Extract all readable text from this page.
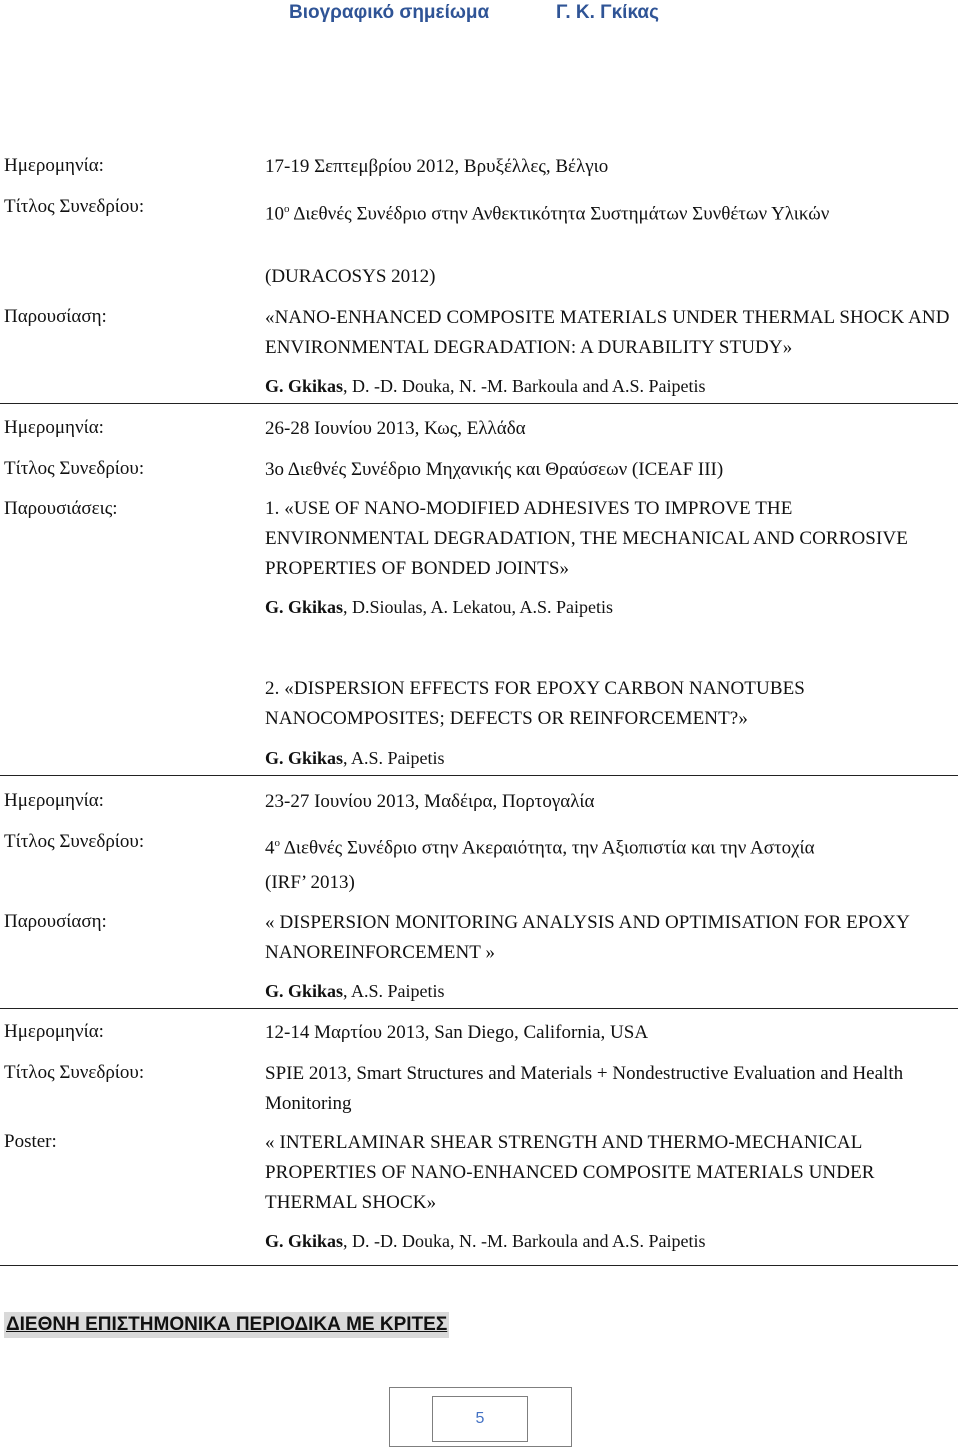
Βιογραφικό σημείωμα	Γ. Κ. Γκίκας
Ημερομηνία:	17-19 Σεπτεμβρίου 2012, Βρυξέλλες, Βέλγιο
Τίτλος Συνεδρίου:	$10^o$ Διεθνές Συνέδριο στην Ανθεκτικότητα Συστημάτων Συνθέτων Υλικών
(DURACOSYS 2012)
Παρουσίαση:	«NANO-ENHANCED COMPOSITE MATERIALS UNDER THERMAL SHOCK AND ENVIRONMENTAL DEGRADATION: A DURABILITY STUDY»
G. Gkikas, D. -D. Douka, N. -M. Barkoula and A.S. Paipetis
Ημερομηνία:	26-28 Ιουνίου 2013, Κως, Ελλάδα
Τίτλος Συνεδρίου:	3ο Διεθνές Συνέδριο Μηχανικής και Θραύσεων (ICEAF III)
Παρουσιάσεις:	1. «USE OF NANO-MODIFIED ADHESIVES TO IMPROVE THE ENVIRONMENTAL DEGRADATION, THE MECHANICAL AND CORROSIVE PROPERTIES OF BONDED JOINTS»
G. Gkikas, D.Sioulas, A. Lekatou, A.S. Paipetis
2. «DISPERSION EFFECTS FOR EPOXY CARBON NANOTUBES NANOCOMPOSITES; DEFECTS OR REINFORCEMENT?»
G. Gkikas, A.S. Paipetis
Ημερομηνία:	23-27 Ιουνίου 2013, Μαδέιρα, Πορτογαλία
Τίτλος Συνεδρίου:	$4^o$ Διεθνές Συνέδριο στην Ακεραιότητα, την Αξιοπιστία και την Αστοχία
(IRF’ 2013)
Παρουσίαση:	« DISPERSION MONITORING ANALYSIS AND OPTIMISATION FOR EPOXY NANOREINFORCEMENT »
G. Gkikas, A.S. Paipetis
Ημερομηνία:	12-14 Μαρτίου 2013, San Diego, California, USA
Τίτλος Συνεδρίου:	SPIE 2013, Smart Structures and Materials + Nondestructive Evaluation and Health Monitoring
Poster:	« INTERLAMINAR SHEAR STRENGTH AND THERMO-MECHANICAL PROPERTIES OF NANO-ENHANCED COMPOSITE MATERIALS UNDER THERMAL SHOCK»
G. Gkikas, D. -D. Douka, N. -M. Barkoula and A.S. Paipetis
ΔΙΕΘΝΗ ΕΠΙΣΤΗΜΟΝΙΚΑ ΠΕΡΙΟΔΙΚΑ ΜΕ ΚΡΙΤΕΣ
5
